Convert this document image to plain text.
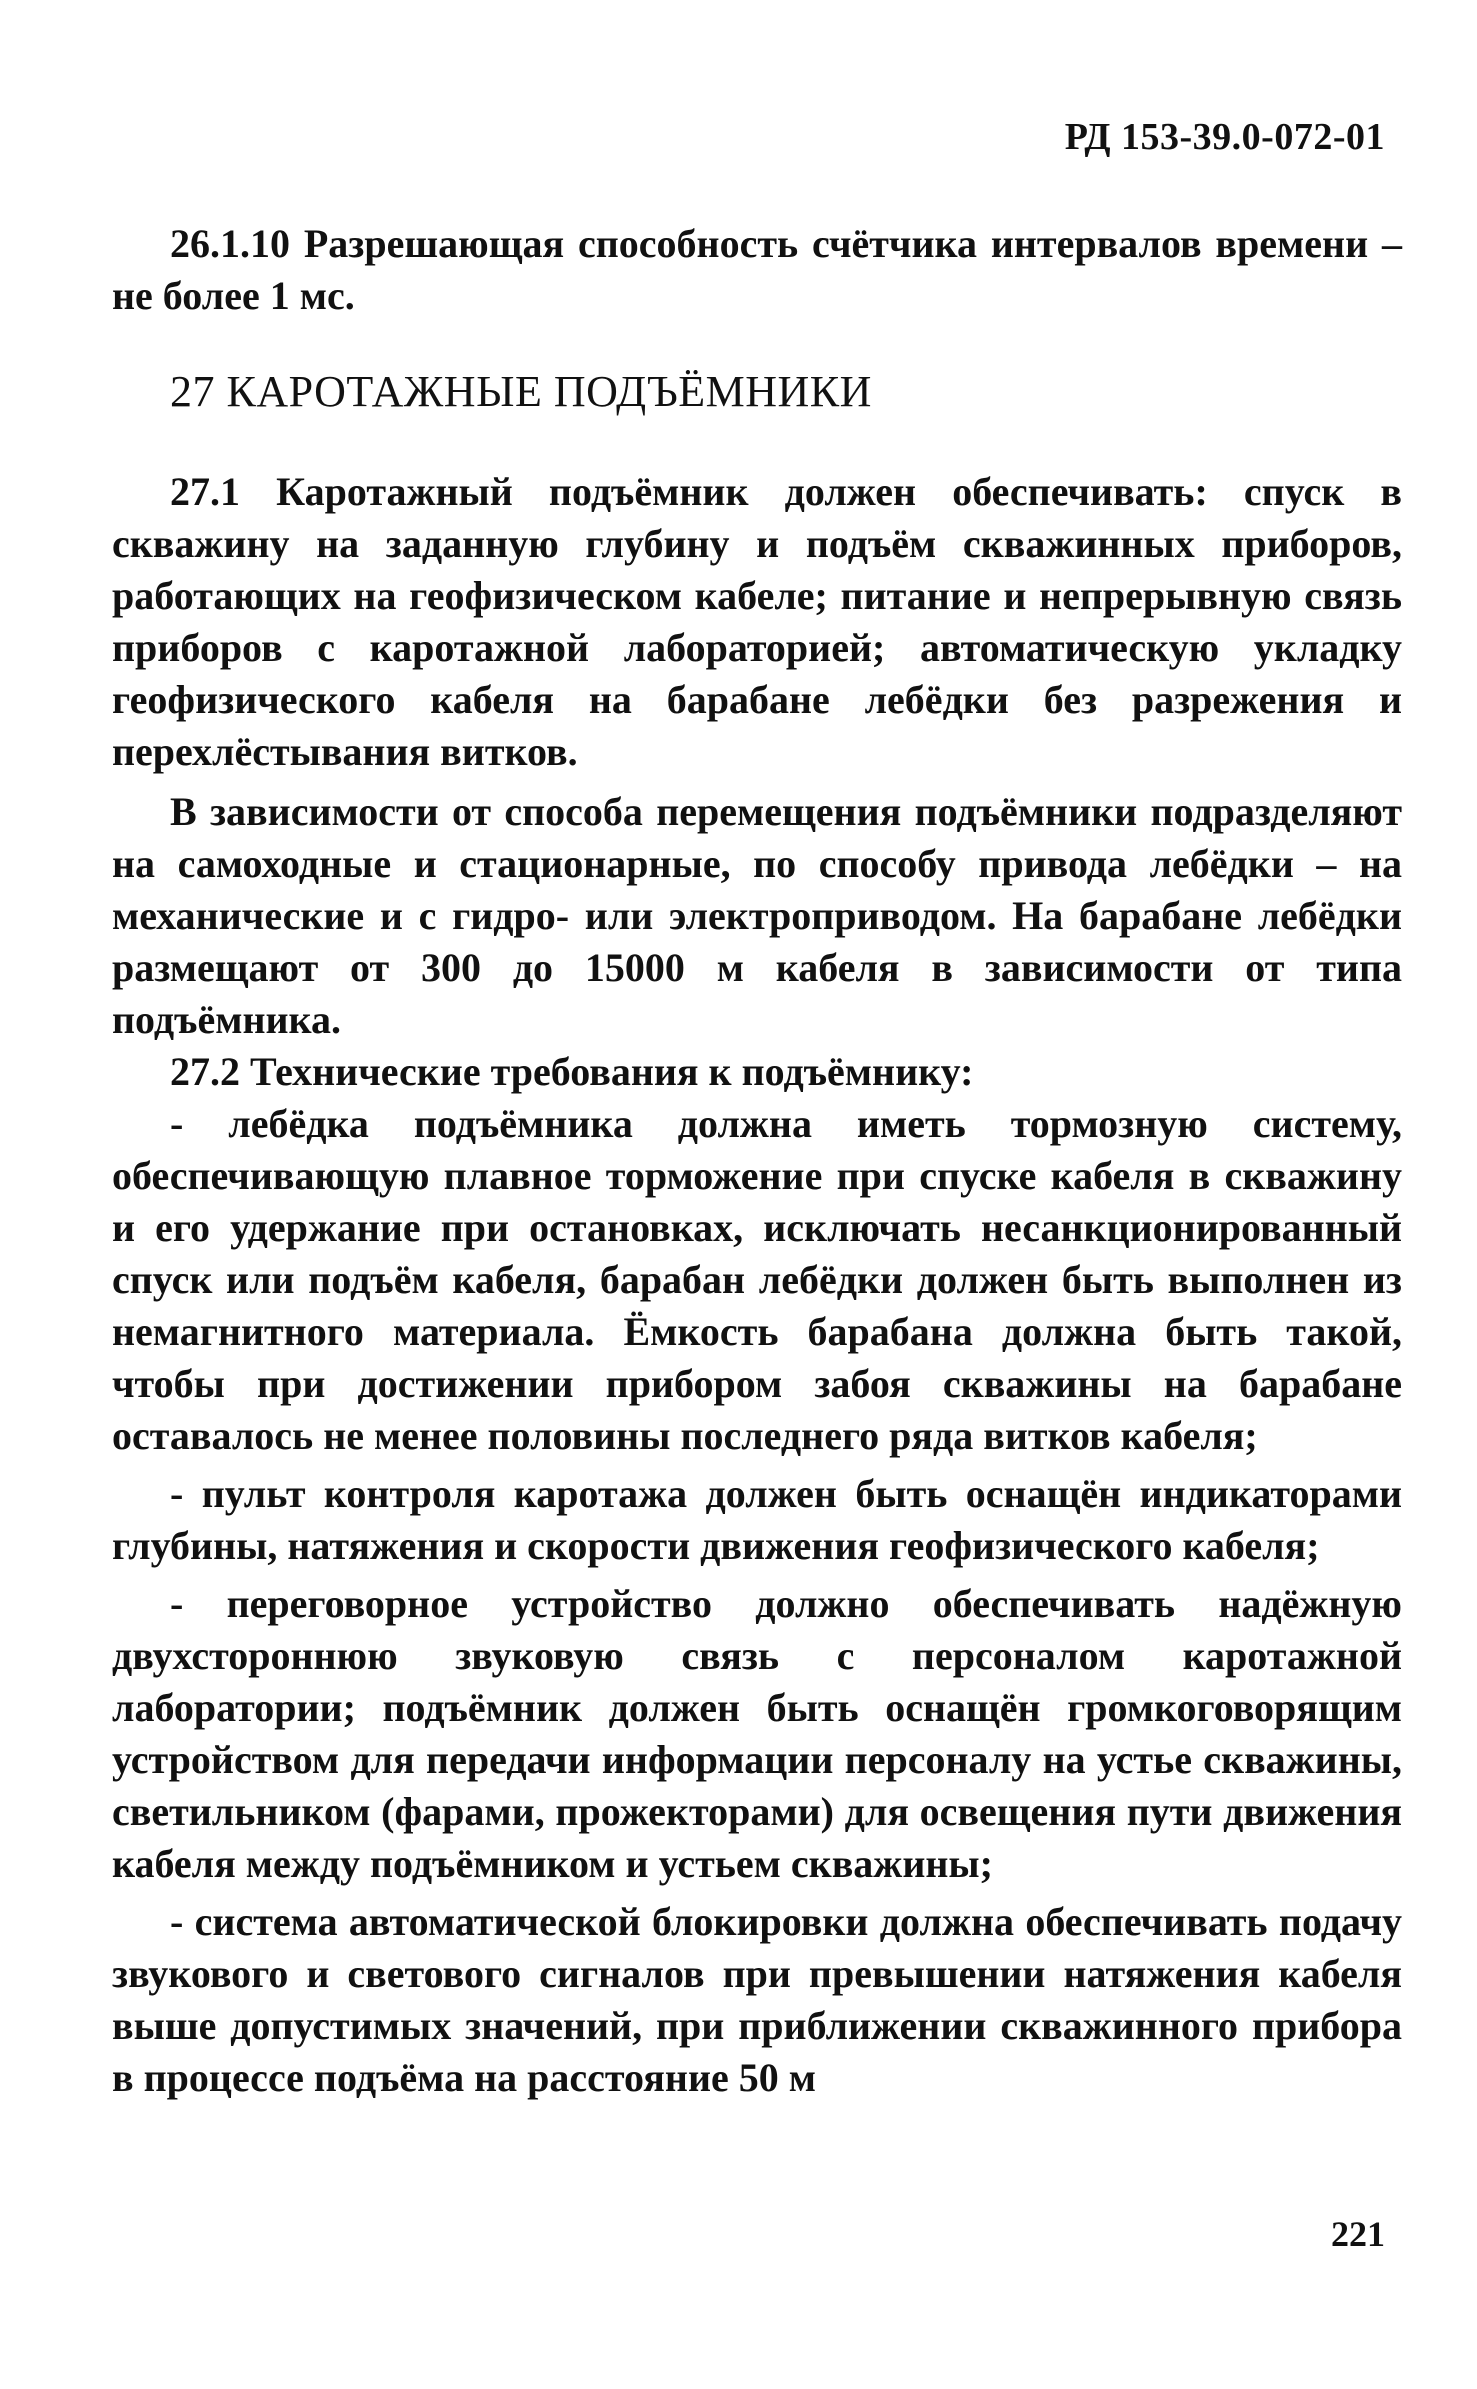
РД 153-39.0-072-01

26.1.10 Разрешающая способность счётчика интервалов времени – не более 1 мс.

27 КАРОТАЖНЫЕ ПОДЪЁМНИКИ

27.1 Каротажный подъёмник должен обеспечивать: спуск в скважину на заданную глубину и подъём скважинных приборов, работающих на геофизическом кабеле; питание и непрерывную связь приборов с каротажной лабораторией; автоматическую укладку геофизического кабеля на барабане лебёдки без разрежения и перехлёстывания витков.

В зависимости от способа перемещения подъёмники подразделяют на самоходные и стационарные, по способу привода лебёдки – на механические и с гидро- или электроприводом. На барабане лебёдки размещают от 300 до 15000 м кабеля в зависимости от типа подъёмника.

27.2 Технические требования к подъёмнику:

- лебёдка подъёмника должна иметь тормозную систему, обеспечивающую плавное торможение при спуске кабеля в скважину и его удержание при остановках, исключать несанкционированный спуск или подъём кабеля, барабан лебёдки должен быть выполнен из немагнитного материала. Ёмкость барабана должна быть такой, чтобы при достижении прибором забоя скважины на барабане оставалось не менее половины последнего ряда витков кабеля;

- пульт контроля каротажа должен быть оснащён индикаторами глубины, натяжения и скорости движения геофизического кабеля;

- переговорное устройство должно обеспечивать надёжную двухстороннюю звуковую связь с персоналом каротажной лаборатории; подъёмник должен быть оснащён громкоговорящим устройством для передачи информации персоналу на устье скважины, светильником (фарами, прожекторами) для освещения пути движения кабеля между подъёмником и устьем скважины;

- система автоматической блокировки должна обеспечивать подачу звукового и светового сигналов при превышении натяжения кабеля выше допустимых значений, при приближении скважинного прибора в процессе подъёма на расстояние 50 м

221
